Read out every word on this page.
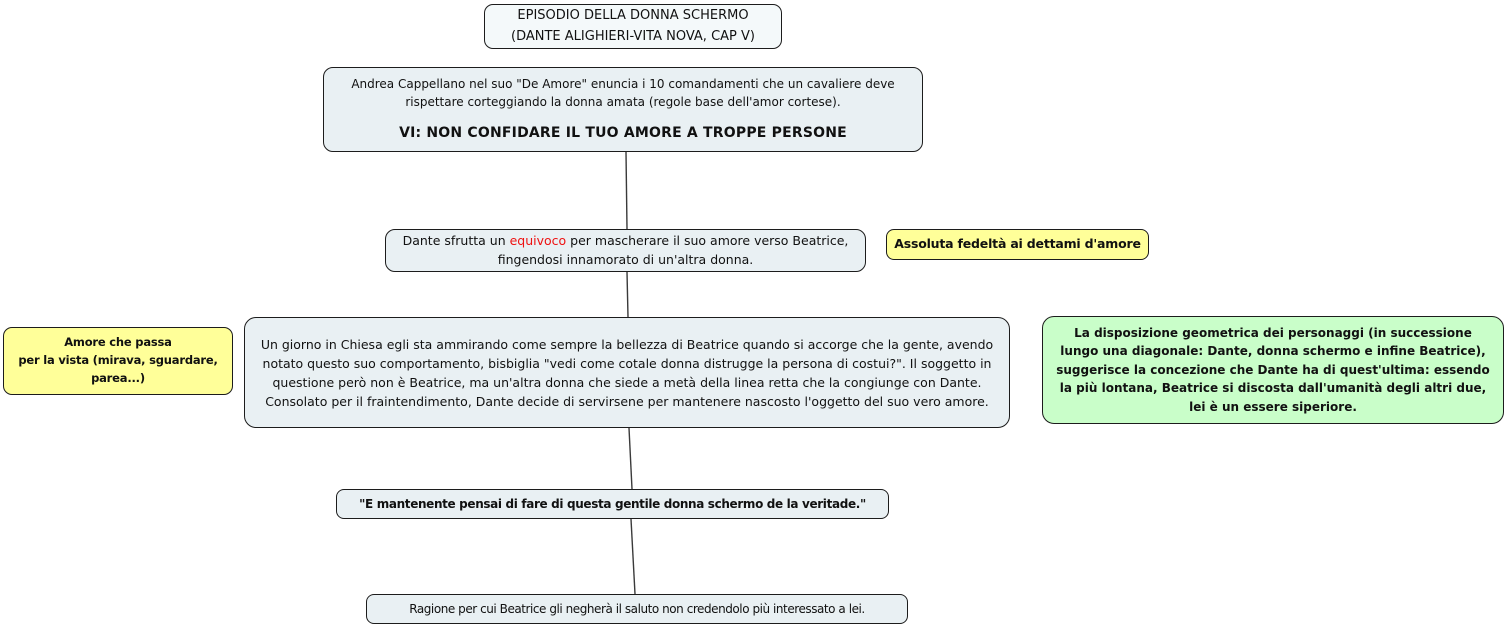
EPISODIO DELLA DONNA SCHERMO
(DANTE ALIGHIERI-VITA NOVA, CAP V)
Andrea Cappellano nel suo "De Amore" enuncia i 10 comandamenti che un cavaliere deve rispettare corteggiando la donna amata (regole base dell'amor cortese).
VI: NON CONFIDARE IL TUO AMORE A TROPPE PERSONE
Dante sfrutta un equivoco per mascherare il suo amore verso Beatrice, fingendosi innamorato di un'altra donna.
Assoluta fedeltà ai dettami d'amore
Un giorno in Chiesa egli sta ammirando come sempre la bellezza di Beatrice quando si accorge che la gente, avendo notato questo suo comportamento, bisbiglia "vedi come cotale donna distrugge la persona di costui?". Il soggetto in questione però non è Beatrice, ma un'altra donna che siede a metà della linea retta che la congiunge con Dante. Consolato per il fraintendimento, Dante decide di servirsene per mantenere nascosto l'oggetto del suo vero amore.
Amore che passa
per la vista (mirava, sguardare,
parea...)
La disposizione geometrica dei personaggi (in successione lungo una diagonale: Dante, donna schermo e infine Beatrice), suggerisce la concezione che Dante ha di quest'ultima: essendo la più lontana, Beatrice si discosta dall'umanità degli altri due, lei è un essere siperiore.
"E mantenente pensai di fare di questa gentile donna schermo de la veritade."
Ragione per cui Beatrice gli negherà il saluto non credendolo più interessato a lei.
